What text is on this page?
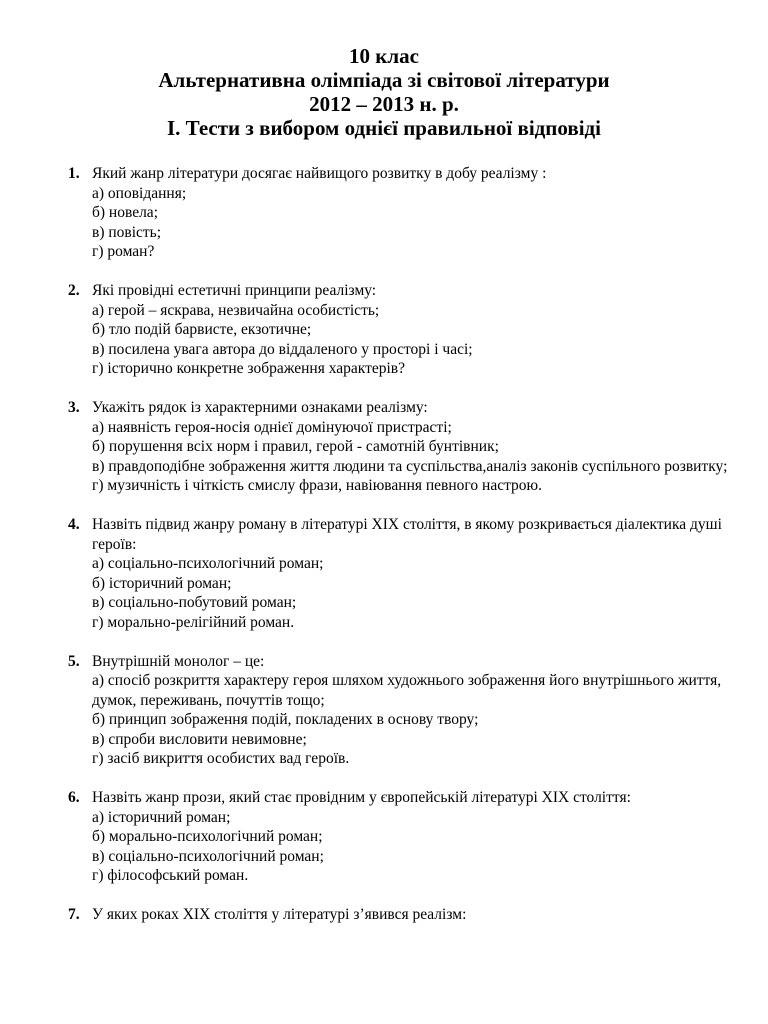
10 клас
Альтернативна олімпіада зі світової літератури
2012 – 2013 н. р.
І. Тести з вибором однієї правильної відповіді
1. Який жанр літератури досягає найвищого розвитку в добу реалізму :
а) оповідання;
б) новела;
в) повість;
г) роман?
2. Які провідні естетичні принципи реалізму:
а) герой – яскрава, незвичайна особистість;
б) тло подій барвисте, екзотичне;
в) посилена увага автора до віддаленого у просторі і часі;
г) історично конкретне зображення характерів?
3. Укажіть рядок із характерними ознаками реалізму:
а) наявність героя-носія однієї домінуючої пристрасті;
б) порушення всіх норм і правил, герой - самотній бунтівник;
в) правдоподібне зображення життя людини та суспільства,аналіз законів суспільного розвитку;
г) музичність і чіткість смислу фрази, навіювання певного настрою.
4. Назвіть підвид жанру роману в літературі ХІХ століття, в якому розкривається діалектика душі героїв:
а) соціально-психологічний роман;
б) історичний роман;
в) соціально-побутовий роман;
г) морально-релігійний роман.
5. Внутрішній монолог – це:
а) спосіб розкриття характеру героя шляхом художнього зображення його внутрішнього життя, думок, переживань, почуттів тощо;
б) принцип зображення подій, покладених в основу твору;
в) спроби висловити невимовне;
г) засіб викриття особистих вад героїв.
6. Назвіть жанр прози, який стає провідним у європейській літературі ХІХ століття:
а) історичний роман;
б) морально-психологічний роман;
в) соціально-психологічний роман;
г) філософський роман.
7. У яких роках ХІХ століття у літературі з’явився реалізм:
